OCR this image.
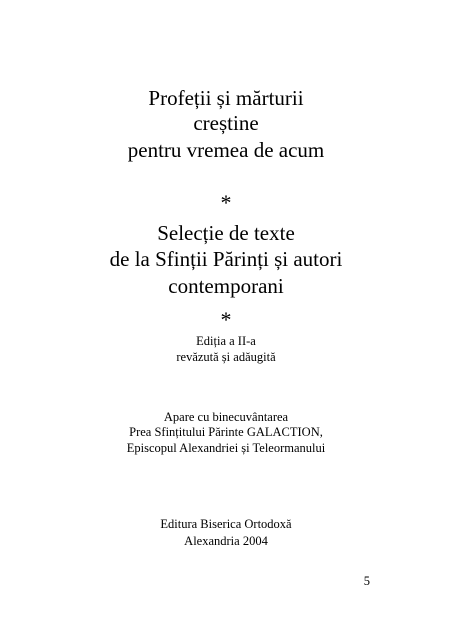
Profeții și mărturii
creștine
pentru vremea de acum
*
Selecție de texte
de la Sfinții Părinți și autori
contemporani
*
Ediția a II-a
revăzută și adăugită
Apare cu binecuvântarea
Prea Sfințitului Părinte GALACTION,
Episcopul Alexandriei și Teleormanului
Editura Biserica Ortodoxă
Alexandria 2004
5
